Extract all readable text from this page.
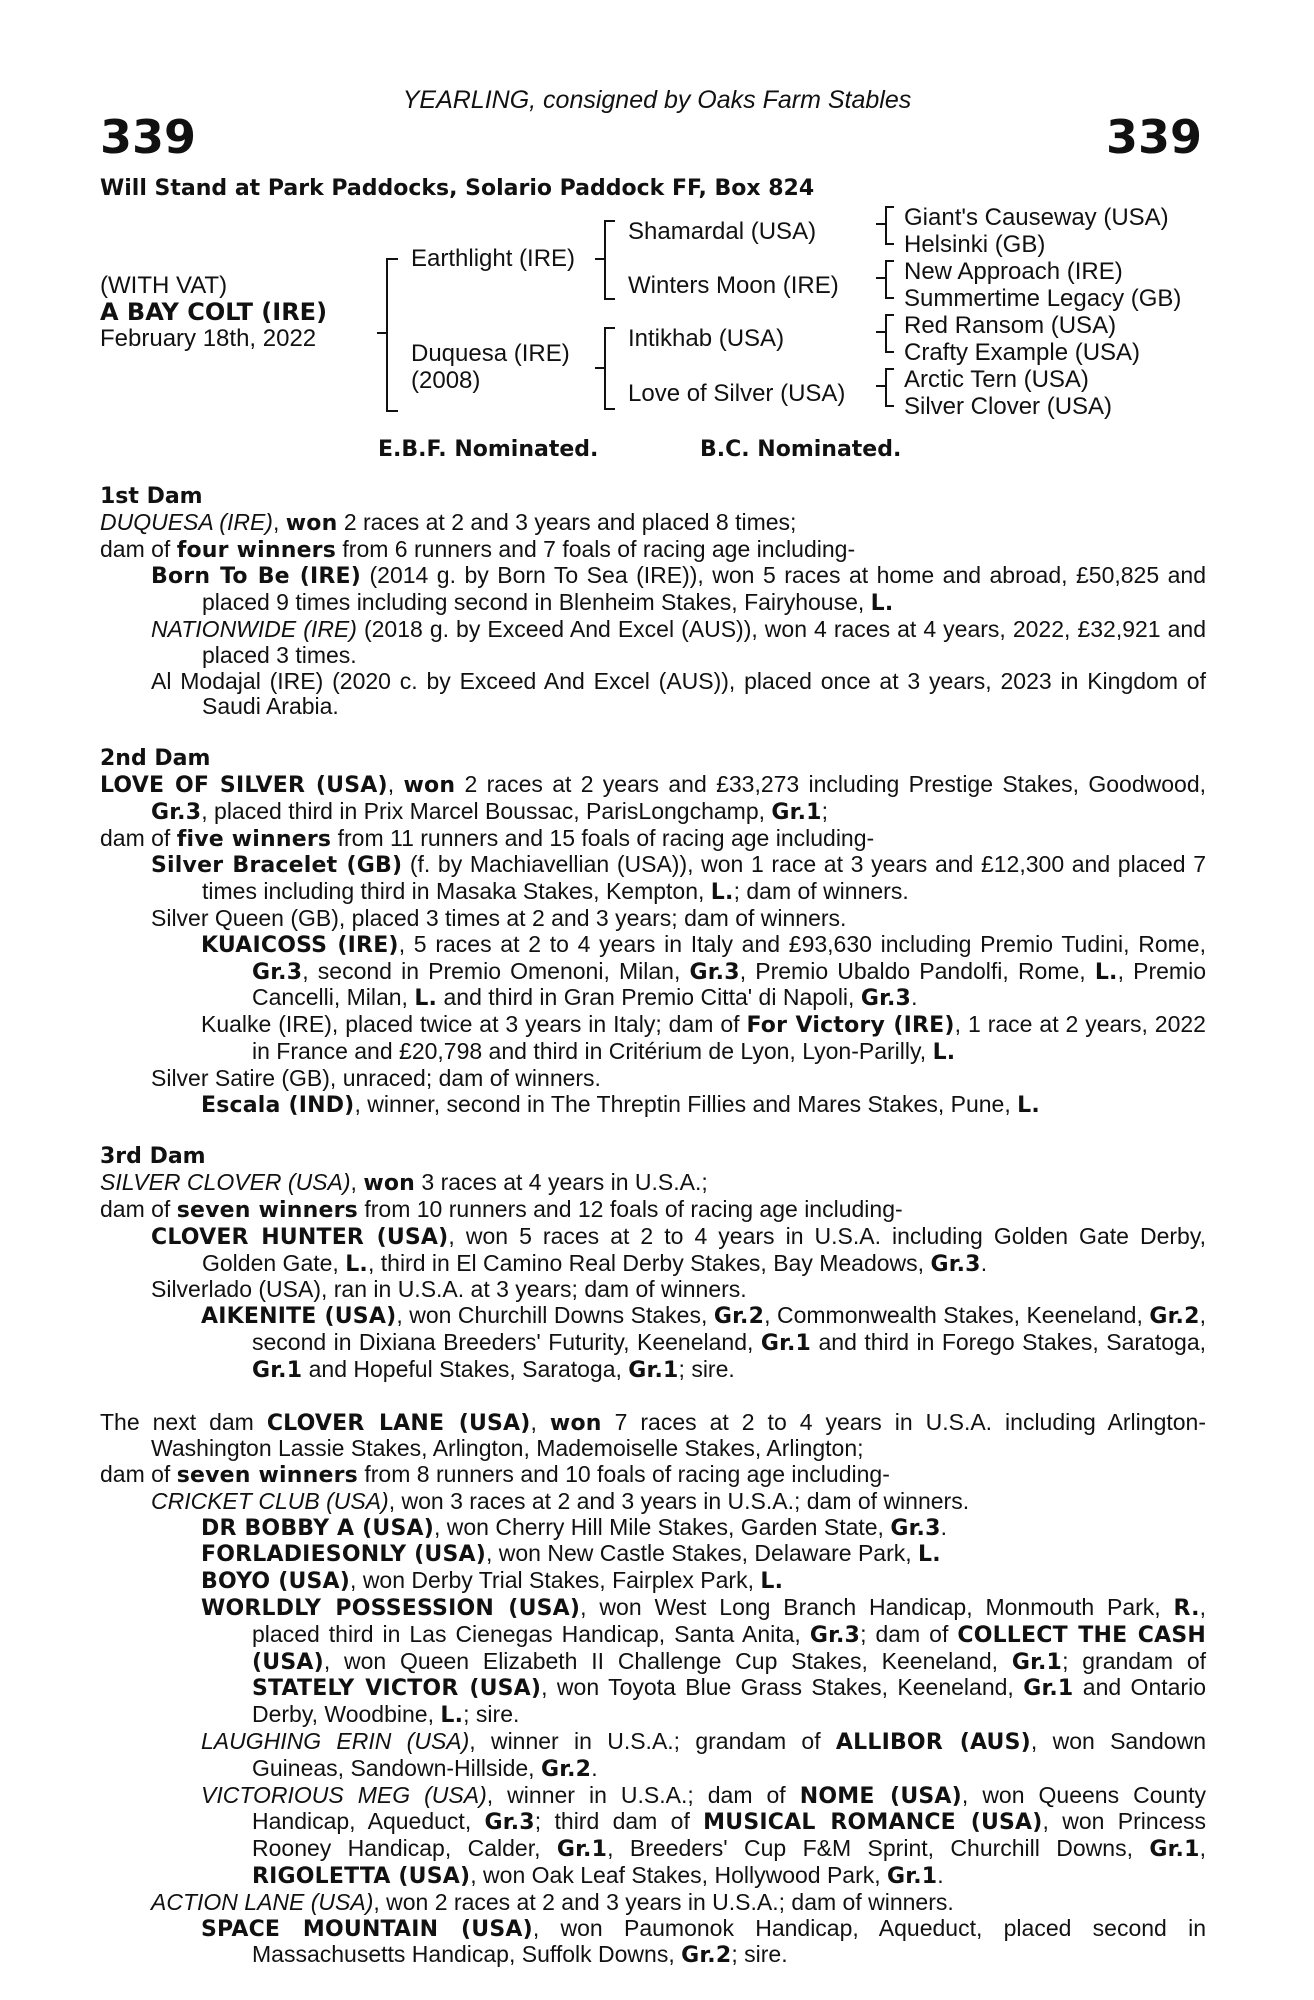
YEARLING, consigned by Oaks Farm Stables
339	339
Will Stand at Park Paddocks, Solario Paddock FF, Box 824
(WITH VAT)
A BAY COLT (IRE)
February 18th, 2022
Earthlight (IRE)
Duquesa (IRE)
(2008)
Shamardal (USA)
Winters Moon (IRE)
Intikhab (USA)
Love of Silver (USA)
Giant's Causeway (USA)
Helsinki (GB)
New Approach (IRE)
Summertime Legacy (GB)
Red Ransom (USA)
Crafty Example (USA)
Arctic Tern (USA)
Silver Clover (USA)
E.B.F. Nominated.	B.C. Nominated.
1st Dam

DUQUESA (IRE), won 2 races at 2 and 3 years and placed 8 times;

dam of four winners from 6 runners and 7 foals of racing age including-

Born To Be (IRE) (2014 g. by Born To Sea (IRE)), won 5 races at home and abroad, £50,825 and placed 9 times including second in Blenheim Stakes, Fairyhouse, L.

NATIONWIDE (IRE) (2018 g. by Exceed And Excel (AUS)), won 4 races at 4 years, 2022, £32,921 and placed 3 times.

Al Modajal (IRE) (2020 c. by Exceed And Excel (AUS)), placed once at 3 years, 2023 in Kingdom of Saudi Arabia.

2nd Dam

LOVE OF SILVER (USA), won 2 races at 2 years and £33,273 including Prestige Stakes, Goodwood, Gr.3, placed third in Prix Marcel Boussac, ParisLongchamp, Gr.1;

dam of five winners from 11 runners and 15 foals of racing age including-

Silver Bracelet (GB) (f. by Machiavellian (USA)), won 1 race at 3 years and £12,300 and placed 7 times including third in Masaka Stakes, Kempton, L.; dam of winners.

Silver Queen (GB), placed 3 times at 2 and 3 years; dam of winners.

KUAICOSS (IRE), 5 races at 2 to 4 years in Italy and £93,630 including Premio Tudini, Rome, Gr.3, second in Premio Omenoni, Milan, Gr.3, Premio Ubaldo Pandolfi, Rome, L., Premio Cancelli, Milan, L. and third in Gran Premio Citta' di Napoli, Gr.3.

Kualke (IRE), placed twice at 3 years in Italy; dam of For Victory (IRE), 1 race at 2 years, 2022 in France and £20,798 and third in Critérium de Lyon, Lyon-Parilly, L.

Silver Satire (GB), unraced; dam of winners.

Escala (IND), winner, second in The Threptin Fillies and Mares Stakes, Pune, L.

3rd Dam

SILVER CLOVER (USA), won 3 races at 4 years in U.S.A.;

dam of seven winners from 10 runners and 12 foals of racing age including-

CLOVER HUNTER (USA), won 5 races at 2 to 4 years in U.S.A. including Golden Gate Derby, Golden Gate, L., third in El Camino Real Derby Stakes, Bay Meadows, Gr.3.

Silverlado (USA), ran in U.S.A. at 3 years; dam of winners.

AIKENITE (USA), won Churchill Downs Stakes, Gr.2, Commonwealth Stakes, Keeneland, Gr.2, second in Dixiana Breeders' Futurity, Keeneland, Gr.1 and third in Forego Stakes, Saratoga, Gr.1 and Hopeful Stakes, Saratoga, Gr.1; sire.

The next dam CLOVER LANE (USA), won 7 races at 2 to 4 years in U.S.A. including Arlington-Washington Lassie Stakes, Arlington, Mademoiselle Stakes, Arlington;

dam of seven winners from 8 runners and 10 foals of racing age including-

CRICKET CLUB (USA), won 3 races at 2 and 3 years in U.S.A.; dam of winners.

DR BOBBY A (USA), won Cherry Hill Mile Stakes, Garden State, Gr.3.

FORLADIESONLY (USA), won New Castle Stakes, Delaware Park, L.

BOYO (USA), won Derby Trial Stakes, Fairplex Park, L.

WORLDLY POSSESSION (USA), won West Long Branch Handicap, Monmouth Park, R., placed third in Las Cienegas Handicap, Santa Anita, Gr.3; dam of COLLECT THE CASH (USA), won Queen Elizabeth II Challenge Cup Stakes, Keeneland, Gr.1; grandam of STATELY VICTOR (USA), won Toyota Blue Grass Stakes, Keeneland, Gr.1 and Ontario Derby, Woodbine, L.; sire.

LAUGHING ERIN (USA), winner in U.S.A.; grandam of ALLIBOR (AUS), won Sandown Guineas, Sandown-Hillside, Gr.2.

VICTORIOUS MEG (USA), winner in U.S.A.; dam of NOME (USA), won Queens County Handicap, Aqueduct, Gr.3; third dam of MUSICAL ROMANCE (USA), won Princess Rooney Handicap, Calder, Gr.1, Breeders' Cup F&M Sprint, Churchill Downs, Gr.1, RIGOLETTA (USA), won Oak Leaf Stakes, Hollywood Park, Gr.1.

ACTION LANE (USA), won 2 races at 2 and 3 years in U.S.A.; dam of winners.

SPACE MOUNTAIN (USA), won Paumonok Handicap, Aqueduct, placed second in Massachusetts Handicap, Suffolk Downs, Gr.2; sire.
